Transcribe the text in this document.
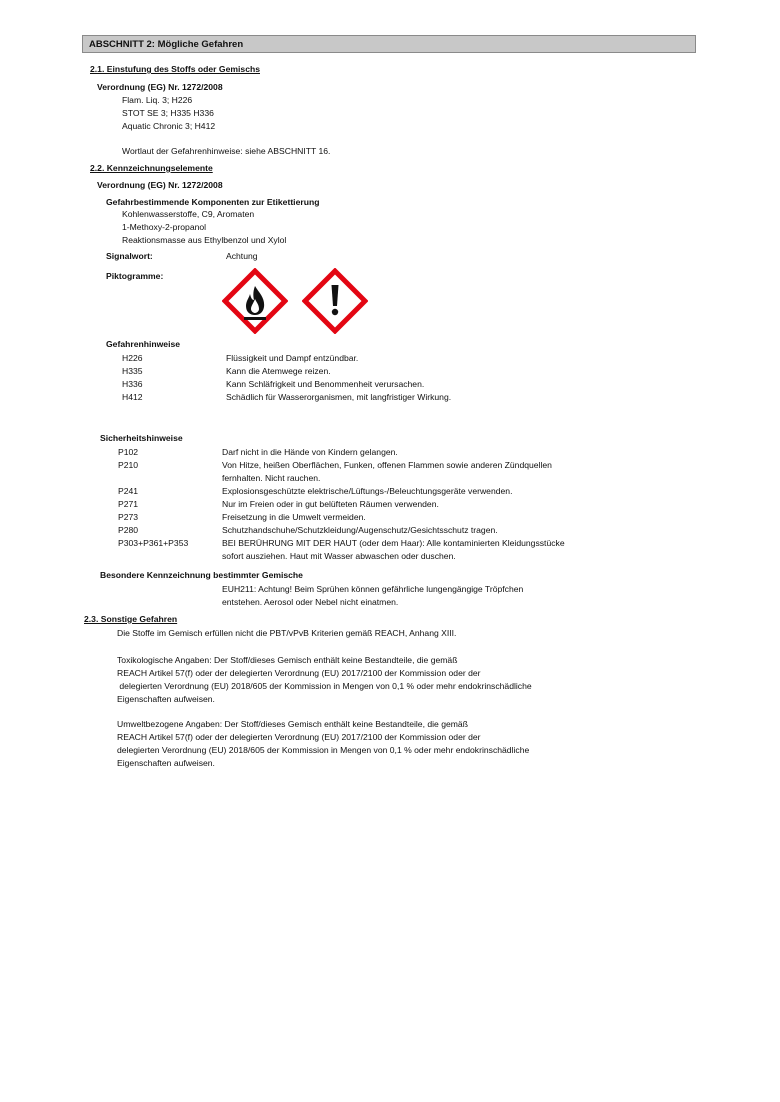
ABSCHNITT 2: Mögliche Gefahren
2.1. Einstufung des Stoffs oder Gemischs
Verordnung (EG) Nr. 1272/2008
Flam. Liq. 3; H226
STOT SE 3; H335 H336
Aquatic Chronic 3; H412
Wortlaut der Gefahrenhinweise: siehe ABSCHNITT 16.
2.2. Kennzeichnungselemente
Verordnung (EG) Nr. 1272/2008
Gefahrbestimmende Komponenten zur Etikettierung
Kohlenwasserstoffe, C9, Aromaten
1-Methoxy-2-propanol
Reaktionsmasse aus Ethylbenzol und Xylol
Signalwort:	Achtung
Piktogramme:
Gefahrenhinweise
H226	Flüssigkeit und Dampf entzündbar.
H335	Kann die Atemwege reizen.
H336	Kann Schläfrigkeit und Benommenheit verursachen.
H412	Schädlich für Wasserorganismen, mit langfristiger Wirkung.
Sicherheitshinweise
P102	Darf nicht in die Hände von Kindern gelangen.
P210	Von Hitze, heißen Oberflächen, Funken, offenen Flammen sowie anderen Zündquellen
fernhalten. Nicht rauchen.
P241	Explosionsgeschützte elektrische/Lüftungs-/Beleuchtungsgeräte verwenden.
P271	Nur im Freien oder in gut belüfteten Räumen verwenden.
P273	Freisetzung in die Umwelt vermeiden.
P280	Schutzhandschuhe/Schutzkleidung/Augenschutz/Gesichtsschutz tragen.
P303+P361+P353	BEI BERÜHRUNG MIT DER HAUT (oder dem Haar): Alle kontaminierten Kleidungsstücke
sofort ausziehen. Haut mit Wasser abwaschen oder duschen.
Besondere Kennzeichnung bestimmter Gemische
EUH211: Achtung! Beim Sprühen können gefährliche lungengängige Tröpfchen
entstehen. Aerosol oder Nebel nicht einatmen.
2.3. Sonstige Gefahren
Die Stoffe im Gemisch erfüllen nicht die PBT/vPvB Kriterien gemäß REACH, Anhang XIII.
Toxikologische Angaben: Der Stoff/dieses Gemisch enthält keine Bestandteile, die gemäß
REACH Artikel 57(f) oder der delegierten Verordnung (EU) 2017/2100 der Kommission oder der
delegierten Verordnung (EU) 2018/605 der Kommission in Mengen von 0,1 % oder mehr endokrinschädliche
Eigenschaften aufweisen.
Umweltbezogene Angaben: Der Stoff/dieses Gemisch enthält keine Bestandteile, die gemäß
REACH Artikel 57(f) oder der delegierten Verordnung (EU) 2017/2100 der Kommission oder der
delegierten Verordnung (EU) 2018/605 der Kommission in Mengen von 0,1 % oder mehr endokrinschädliche
Eigenschaften aufweisen.
